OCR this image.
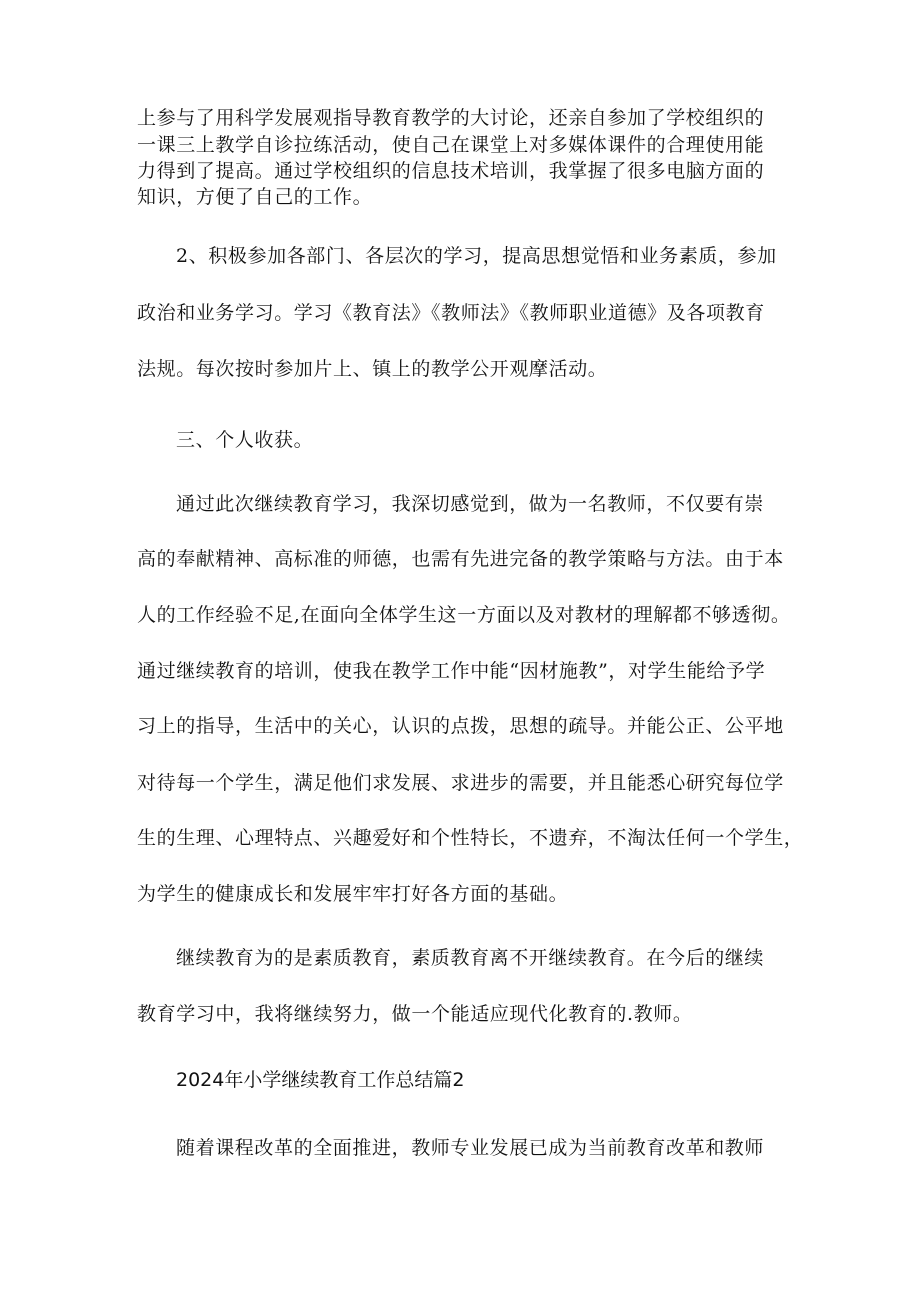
上参与了用科学发展观指导教育教学的大讨论，还亲自参加了学校组织的
一课三上教学自诊拉练活动，使自己在课堂上对多媒体课件的合理使用能
力得到了提高。通过学校组织的信息技术培训，我掌握了很多电脑方面的
知识，方便了自己的工作。
2、积极参加各部门、各层次的学习，提高思想觉悟和业务素质，参加
政治和业务学习。学习《教育法》《教师法》《教师职业道德》及各项教育
法规。每次按时参加片上、镇上的教学公开观摩活动。
三、个人收获。
通过此次继续教育学习，我深切感觉到，做为一名教师，不仅要有崇
高的奉献精神、高标准的师德，也需有先进完备的教学策略与方法。由于本
人的工作经验不足,在面向全体学生这一方面以及对教材的理解都不够透彻。
通过继续教育的培训，使我在教学工作中能“因材施教”，对学生能给予学
习上的指导，生活中的关心，认识的点拨，思想的疏导。并能公正、公平地
对待每一个学生，满足他们求发展、求进步的需要，并且能悉心研究每位学
生的生理、心理特点、兴趣爱好和个性特长，不遗弃，不淘汰任何一个学生，
为学生的健康成长和发展牢牢打好各方面的基础。
继续教育为的是素质教育，素质教育离不开继续教育。在今后的继续
教育学习中，我将继续努力，做一个能适应现代化教育的.教师。
2024年小学继续教育工作总结篇2
随着课程改革的全面推进，教师专业发展已成为当前教育改革和教师
